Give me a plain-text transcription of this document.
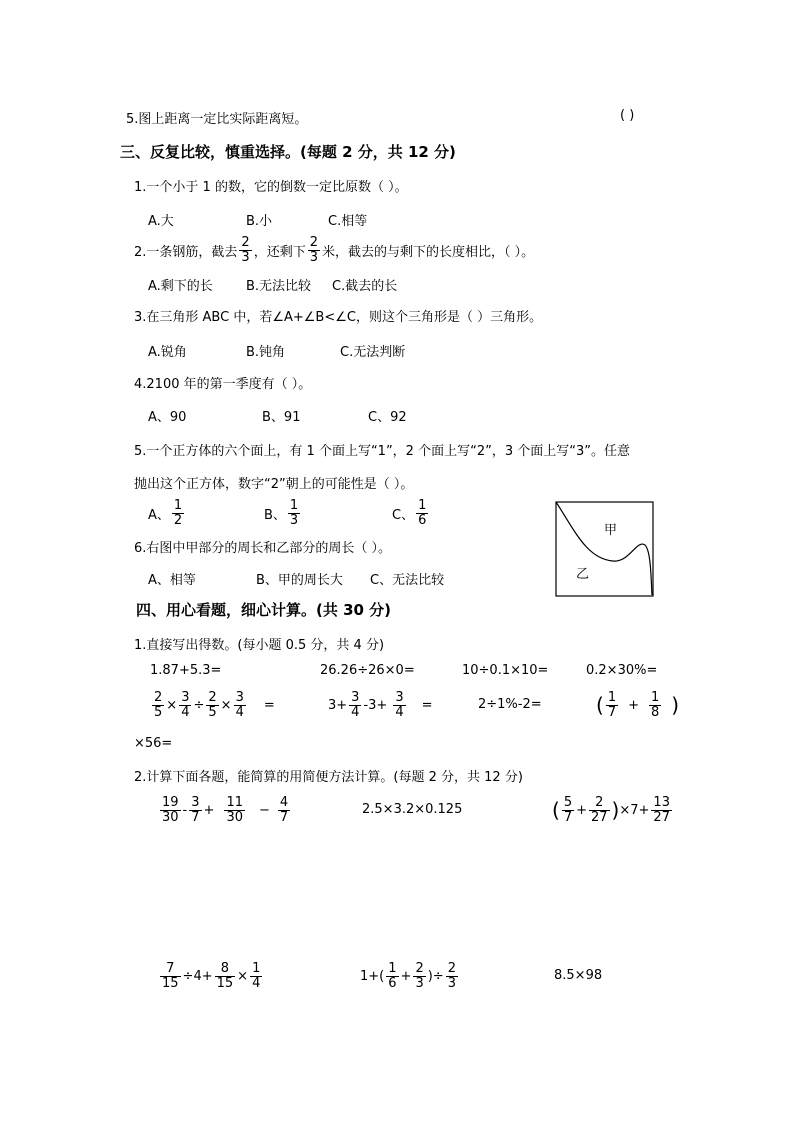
5.图上距离一定比实际距离短。	( )
三、反复比较，慎重选择。(每题 2 分，共 12 分)
1.一个小于 1 的数，它的倒数一定比原数（ ）。
A.大	B.小	C.相等
2.一条钢筋，截去 $\frac{2}{3}$ ，还剩下 $\frac{2}{3}$ 米，截去的与剩下的长度相比，（ ）。
A.剩下的长	B.无法比较 C.截去的长
3.在三角形 ABC 中，若∠A+∠B<∠C，则这个三角形是（ ）三角形。
A.锐角	B.钝角	C.无法判断
4.2100 年的第一季度有（ ）。
A、90	B、91	C、92
5.一个正方体的六个面上，有 1 个面上写“1”，2 个面上写“2”，3 个面上写“3”。任意
抛出这个正方体，数字“2”朝上的可能性是（ ）。
A、 $\frac{1}{2}$	B、 $\frac{1}{3}$	C、 $\frac{1}{6}$
6.右图中甲部分的周长和乙部分的周长（ ）。
A、相等	B、甲的周长大 C、无法比较
甲
乙
四、用心看题，细心计算。(共 30 分)
1.直接写出得数。(每小题 0.5 分，共 4 分)
1.87+5.3=	26.26÷26×0=	10÷0.1×10=	0.2×30%=
$\frac{2}{5} \times \frac{3}{4} \div \frac{2}{5} \times \frac{3}{4}$ =	$3+ \frac{3}{4} -3+ \frac{3}{4}$ =	2÷1%-2=	( $\frac{1}{7} + \frac{1}{8}$ )
×56=
2.计算下面各题，能简算的用简便方法计算。(每题 2 分，共 12 分)
$\frac{19}{30} - \frac{3}{7} + \frac{11}{30} - \frac{4}{7}$	2.5×3.2×0.125	( $\frac{5}{7} + \frac{2}{27}$ ) $\times 7+ \frac{13}{27}$
$\frac{7}{15} \div 4+ \frac{8}{15} \times \frac{1}{4}$	$1+( \frac{1}{6} + \frac{2}{3}$ )÷ $\frac{2}{3}$	8.5×98
